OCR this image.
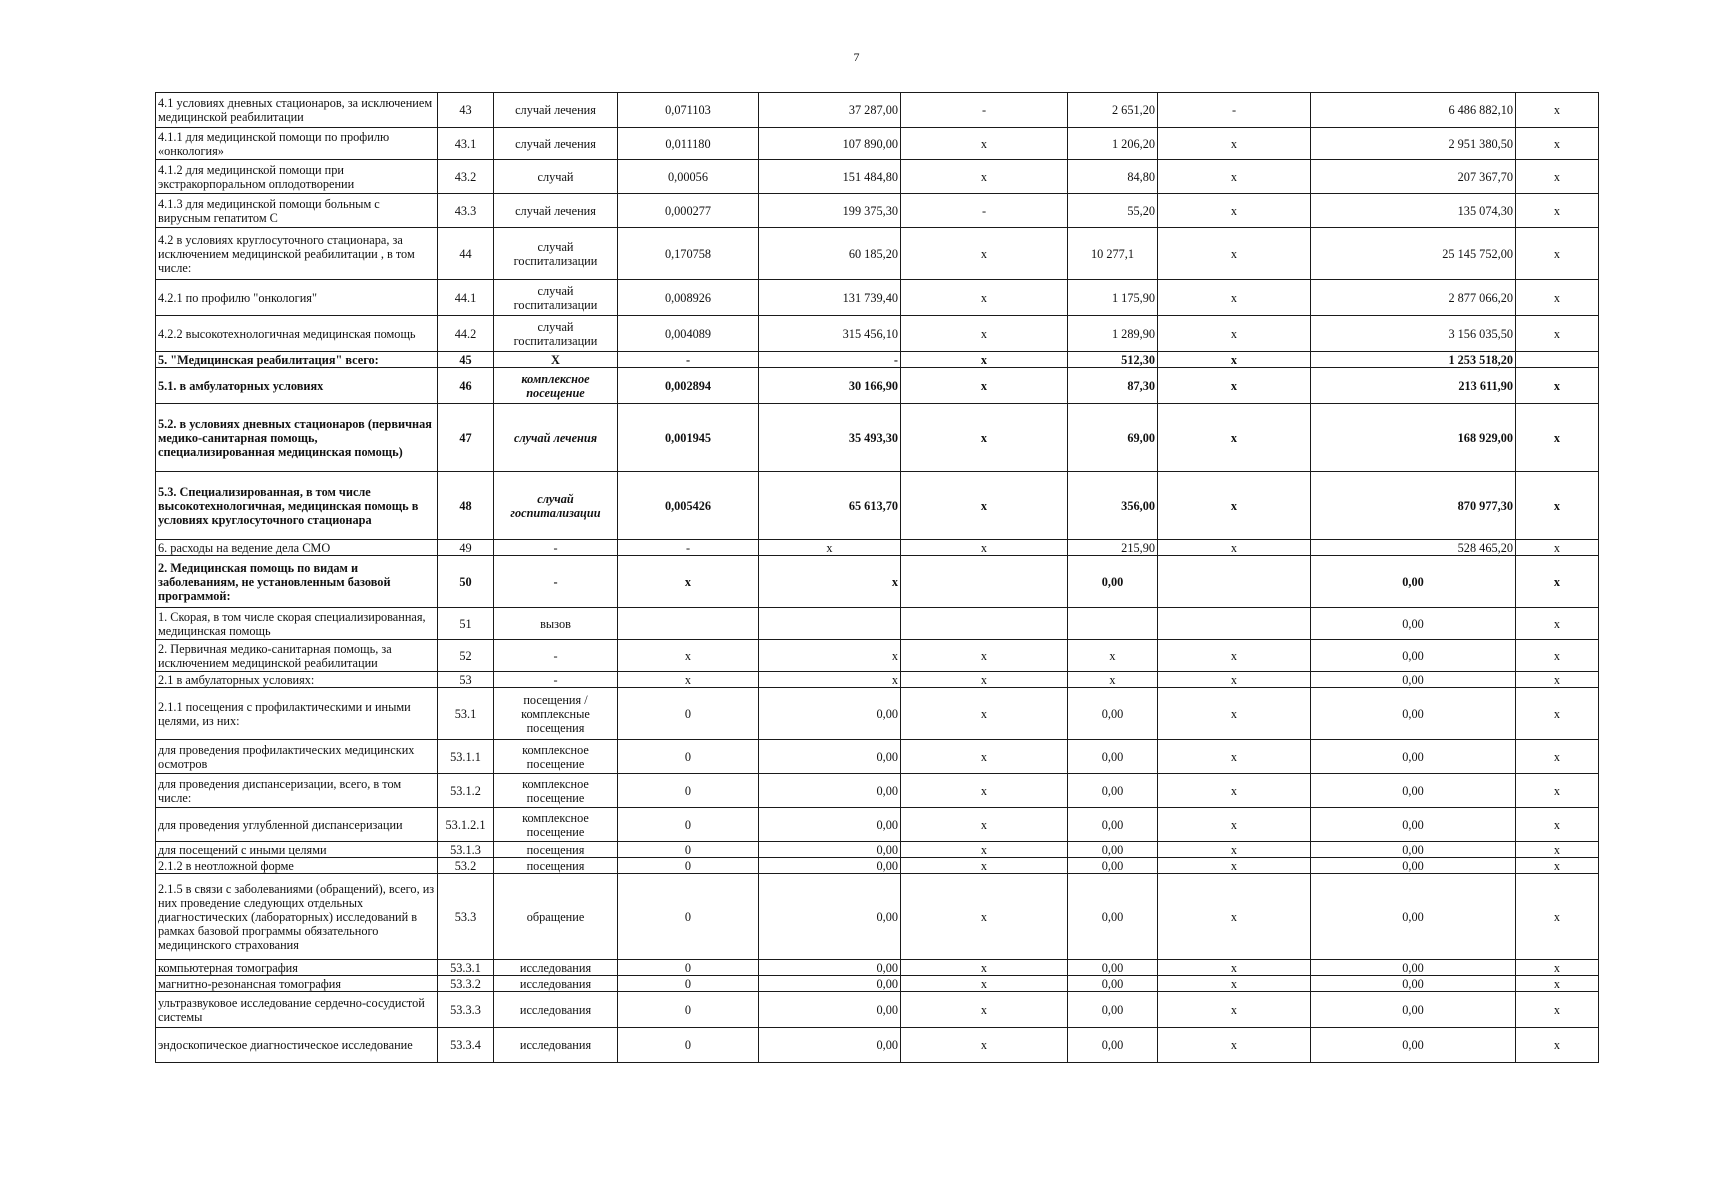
7
4.1 условиях дневных стационаров, за исключением медицинской реабилитации	43	случай лечения	0,071103	37 287,00	-	2 651,20	-	6 486 882,10	x
4.1.1 для медицинской помощи по профилю «онкология»	43.1	случай лечения	0,011180	107 890,00	x	1 206,20	x	2 951 380,50	x
4.1.2 для медицинской помощи при экстракорпоральном оплодотворении	43.2	случай	0,00056	151 484,80	x	84,80	x	207 367,70	x
4.1.3 для медицинской помощи больным с вирусным гепатитом С	43.3	случай лечения	0,000277	199 375,30	-	55,20	x	135 074,30	x
4.2 в условиях круглосуточного стационара, за исключением медицинской реабилитации , в том числе:	44	случай госпитализации	0,170758	60 185,20	x	10 277,1	x	25 145 752,00	x
4.2.1 по профилю "онкология"	44.1	случай госпитализации	0,008926	131 739,40	x	1 175,90	x	2 877 066,20	x
4.2.2 высокотехнологичная медицинская помощь	44.2	случай госпитализации	0,004089	315 456,10	x	1 289,90	x	3 156 035,50	x
5. "Медицинская реабилитация" всего:	45	X	-	-	x	512,30	x	1 253 518,20	
5.1. в амбулаторных условиях	46	комплексное посещение	0,002894	30 166,90	x	87,30	x	213 611,90	x
5.2. в условиях дневных стационаров (первичная медико-санитарная помощь, специализированная медицинская помощь)	47	случай лечения	0,001945	35 493,30	x	69,00	x	168 929,00	x
5.3. Специализированная, в том числе высокотехнологичная, медицинская помощь в условиях круглосуточного стационара	48	случай госпитализации	0,005426	65 613,70	x	356,00	x	870 977,30	x
6. расходы на ведение дела СМО	49	-	-	x	x	215,90	x	528 465,20	x
2. Медицинская помощь по видам и заболеваниям, не установленным базовой программой:	50	-	x	x		0,00		0,00	x
1. Скорая, в том числе скорая специализированная, медицинская помощь	51	вызов						0,00	x
2. Первичная медико-санитарная помощь, за исключением медицинской реабилитации	52	-	x	x	x	x	x	0,00	x
2.1 в амбулаторных условиях:	53	-	x	x	x	x	x	0,00	x
2.1.1 посещения с профилактическими и иными целями, из них:	53.1	посещения / комплексные посещения	0	0,00	x	0,00	x	0,00	x
для проведения профилактических медицинских осмотров	53.1.1	комплексное посещение	0	0,00	x	0,00	x	0,00	x
для проведения диспансеризации, всего, в том числе:	53.1.2	комплексное посещение	0	0,00	x	0,00	x	0,00	x
для проведения углубленной диспансеризации	53.1.2.1	комплексное посещение	0	0,00	x	0,00	x	0,00	x
для посещений с иными целями	53.1.3	посещения	0	0,00	x	0,00	x	0,00	x
2.1.2 в неотложной форме	53.2	посещения	0	0,00	x	0,00	x	0,00	x
2.1.5 в связи с заболеваниями (обращений), всего, из них проведение следующих отдельных диагностических (лабораторных) исследований в рамках базовой программы обязательного медицинского страхования	53.3	обращение	0	0,00	x	0,00	x	0,00	x
компьютерная томография	53.3.1	исследования	0	0,00	x	0,00	x	0,00	x
магнитно-резонансная томография	53.3.2	исследования	0	0,00	x	0,00	x	0,00	x
ультразвуковое исследование сердечно-сосудистой системы	53.3.3	исследования	0	0,00	x	0,00	x	0,00	x
эндоскопическое диагностическое исследование	53.3.4	исследования	0	0,00	x	0,00	x	0,00	x
